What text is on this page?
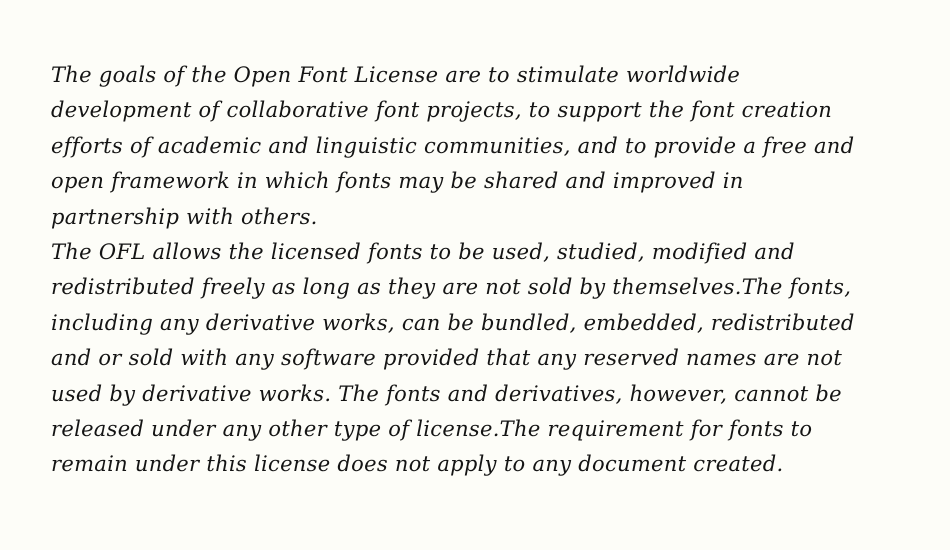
The goals of the Open Font License are to stimulate worldwide
development of collaborative font projects, to support the font creation
efforts of academic and linguistic communities, and to provide a free and
open framework in which fonts may be shared and improved in
partnership with others.
The OFL allows the licensed fonts to be used, studied, modified and
redistributed freely as long as they are not sold by themselves.The fonts,
including any derivative works, can be bundled, embedded, redistributed
and or sold with any software provided that any reserved names are not
used by derivative works. The fonts and derivatives, however, cannot be
released under any other type of license.The requirement for fonts to
remain under this license does not apply to any document created.
